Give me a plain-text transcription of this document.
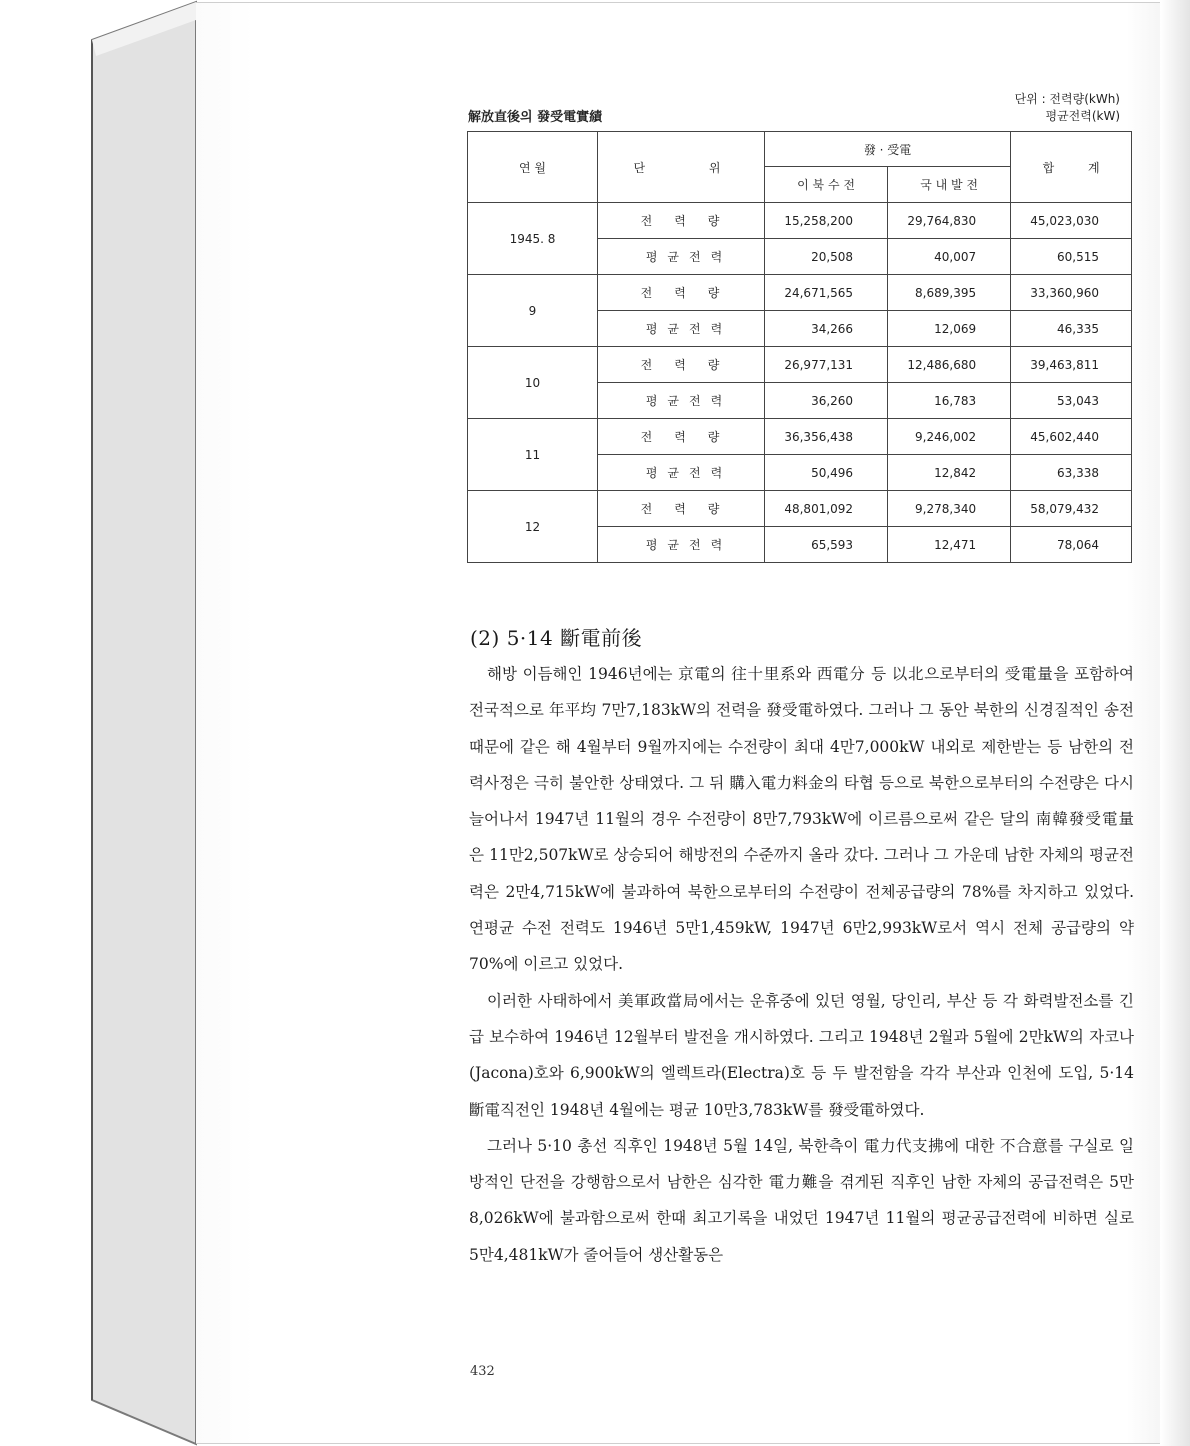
단위 : 전력량(kWh)
평균전력(kW)
解放直後의 發受電實績
연 월	단 위	發 · 受電		합 계
		이 북 수 전	국 내 발 전	
1945. 8	전력량	15,258,200	29,764,830	45,023,030
	평균전력	20,508	40,007	60,515
9	전력량	24,671,565	8,689,395	33,360,960
	평균전력	34,266	12,069	46,335
10	전력량	26,977,131	12,486,680	39,463,811
	평균전력	36,260	16,783	53,043
11	전력량	36,356,438	9,246,002	45,602,440
	평균전력	50,496	12,842	63,338
12	전력량	48,801,092	9,278,340	58,079,432
	평균전력	65,593	12,471	78,064
(2) 5·14 斷電前後

해방 이듬해인 1946년에는 京電의 往十里系와 西電分 등 以北으로부터의 受電量을 포함하여 전국적으로 年平均 7만7,183kW의 전력을 發受電하였다. 그러나 그 동안 북한의 신경질적인 송전 때문에 같은 해 4월부터 9월까지에는 수전량이 최대 4만7,000kW 내외로 제한받는 등 남한의 전력사정은 극히 불안한 상태였다. 그 뒤 購入電力料金의 타협 등으로 북한으로부터의 수전량은 다시 늘어나서 1947년 11월의 경우 수전량이 8만7,793kW에 이르름으로써 같은 달의 南韓發受電量은 11만2,507kW로 상승되어 해방전의 수준까지 올라 갔다. 그러나 그 가운데 남한 자체의 평균전력은 2만4,715kW에 불과하여 북한으로부터의 수전량이 전체공급량의 78%를 차지하고 있었다. 연평균 수전 전력도 1946년 5만1,459kW, 1947년 6만2,993kW로서 역시 전체 공급량의 약 70%에 이르고 있었다.

이러한 사태하에서 美軍政當局에서는 운휴중에 있던 영월, 당인리, 부산 등 각 화력발전소를 긴급 보수하여 1946년 12월부터 발전을 개시하였다. 그리고 1948년 2월과 5월에 2만kW의 자코나(Jacona)호와 6,900kW의 엘렉트라(Electra)호 등 두 발전함을 각각 부산과 인천에 도입, 5·14 斷電직전인 1948년 4월에는 평균 10만3,783kW를 發受電하였다.

그러나 5·10 총선 직후인 1948년 5월 14일, 북한측이 電力代支拂에 대한 不合意를 구실로 일방적인 단전을 강행함으로서 남한은 심각한 電力難을 겪게된 직후인 남한 자체의 공급전력은 5만8,026kW에 불과함으로써 한때 최고기록을 내었던 1947년 11월의 평균공급전력에 비하면 실로 5만4,481kW가 줄어들어 생산활동은

432
